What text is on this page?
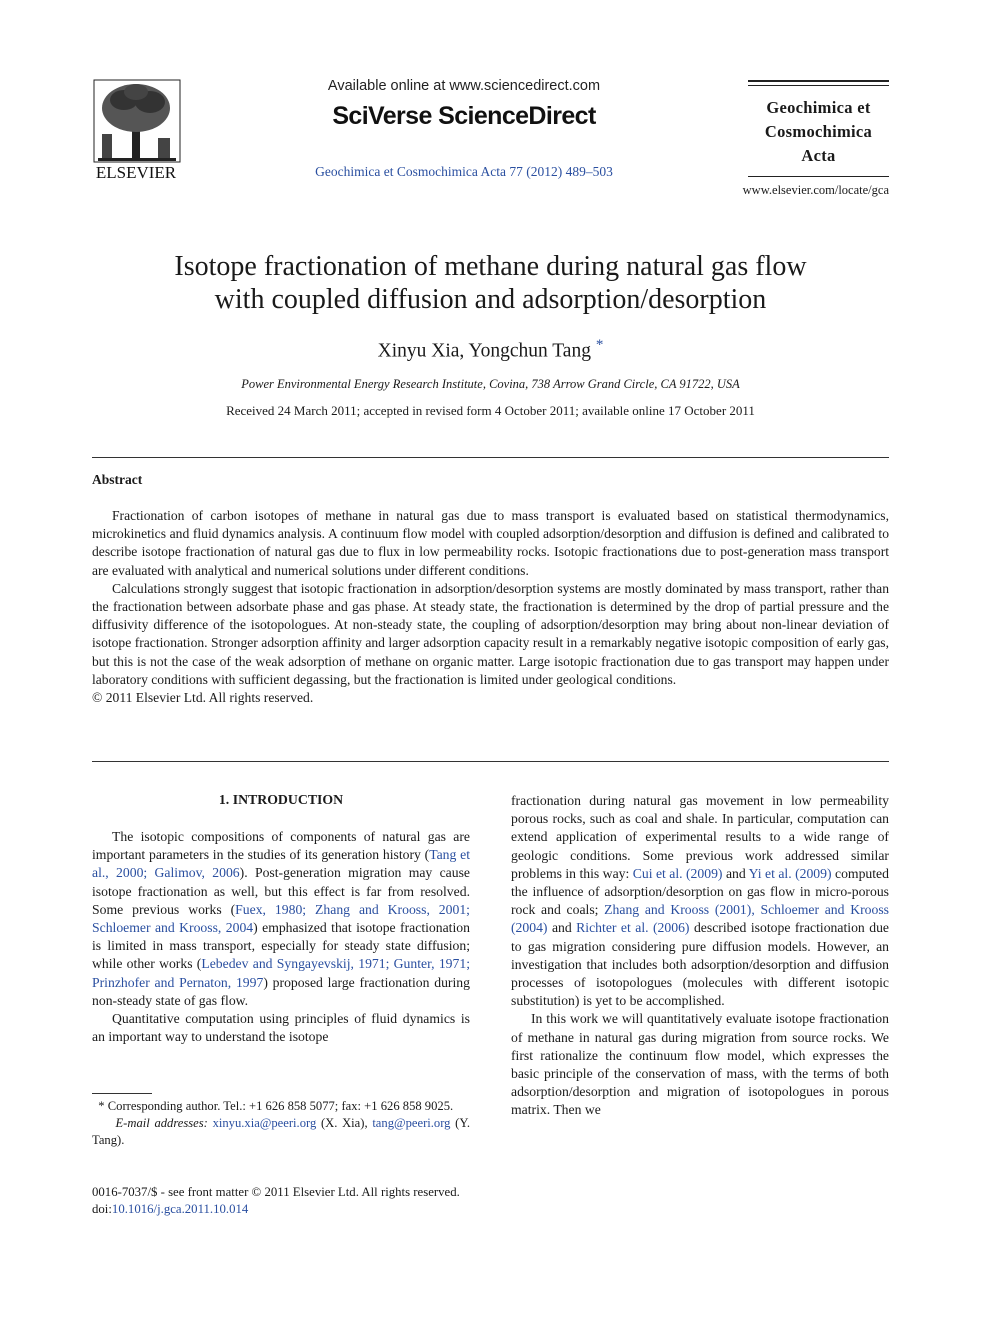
ELSEVIER
Available online at www.sciencedirect.com
SciVerse ScienceDirect
Geochimica et Cosmochimica Acta 77 (2012) 489–503
Geochimica et
Cosmochimica
Acta
www.elsevier.com/locate/gca
Isotope fractionation of methane during natural gas flow
with coupled diffusion and adsorption/desorption
Xinyu Xia, Yongchun Tang *
Power Environmental Energy Research Institute, Covina, 738 Arrow Grand Circle, CA 91722, USA
Received 24 March 2011; accepted in revised form 4 October 2011; available online 17 October 2011
Abstract

Fractionation of carbon isotopes of methane in natural gas due to mass transport is evaluated based on statistical thermodynamics, microkinetics and fluid dynamics analysis. A continuum flow model with coupled adsorption/desorption and diffusion is defined and calibrated to describe isotope fractionation of natural gas due to flux in low permeability rocks. Isotopic fractionations due to post-generation mass transport are evaluated with analytical and numerical solutions under different conditions.

Calculations strongly suggest that isotopic fractionation in adsorption/desorption systems are mostly dominated by mass transport, rather than the fractionation between adsorbate phase and gas phase. At steady state, the fractionation is determined by the drop of partial pressure and the diffusivity difference of the isotopologues. At non-steady state, the coupling of adsorption/desorption may bring about non-linear deviation of isotope fractionation. Stronger adsorption affinity and larger adsorption capacity result in a remarkably negative isotopic composition of early gas, but this is not the case of the weak adsorption of methane on organic matter. Large isotopic fractionation due to gas transport may happen under laboratory conditions with sufficient degassing, but the fractionation is limited under geological conditions.

© 2011 Elsevier Ltd. All rights reserved.

1. INTRODUCTION

The isotopic compositions of components of natural gas are important parameters in the studies of its generation history (Tang et al., 2000; Galimov, 2006). Post-generation migration may cause isotope fractionation as well, but this effect is far from resolved. Some previous works (Fuex, 1980; Zhang and Krooss, 2001; Schloemer and Krooss, 2004) emphasized that isotope fractionation is limited in mass transport, especially for steady state diffusion; while other works (Lebedev and Syngayevskij, 1971; Gunter, 1971; Prinzhofer and Pernaton, 1997) proposed large fractionation during non-steady state of gas flow.

Quantitative computation using principles of fluid dynamics is an important way to understand the isotope

* Corresponding author. Tel.: +1 626 858 5077; fax: +1 626 858 9025.

E-mail addresses: xinyu.xia@peeri.org (X. Xia), tang@peeri.org (Y. Tang).

0016-7037/$ - see front matter © 2011 Elsevier Ltd. All rights reserved.
doi:10.1016/j.gca.2011.10.014

fractionation during natural gas movement in low permeability porous rocks, such as coal and shale. In particular, computation can extend application of experimental results to a wide range of geologic conditions. Some previous work addressed similar problems in this way: Cui et al. (2009) and Yi et al. (2009) computed the influence of adsorption/desorption on gas flow in micro-porous rock and coals; Zhang and Krooss (2001), Schloemer and Krooss (2004) and Richter et al. (2006) described isotope fractionation due to gas migration considering pure diffusion models. However, an investigation that includes both adsorption/desorption and diffusion processes of isotopologues (molecules with different isotopic substitution) is yet to be accomplished.

In this work we will quantitatively evaluate isotope fractionation of methane in natural gas during migration from source rocks. We first rationalize the continuum flow model, which expresses the basic principle of the conservation of mass, with the terms of both adsorption/desorption and migration of isotopologues in porous matrix. Then we
